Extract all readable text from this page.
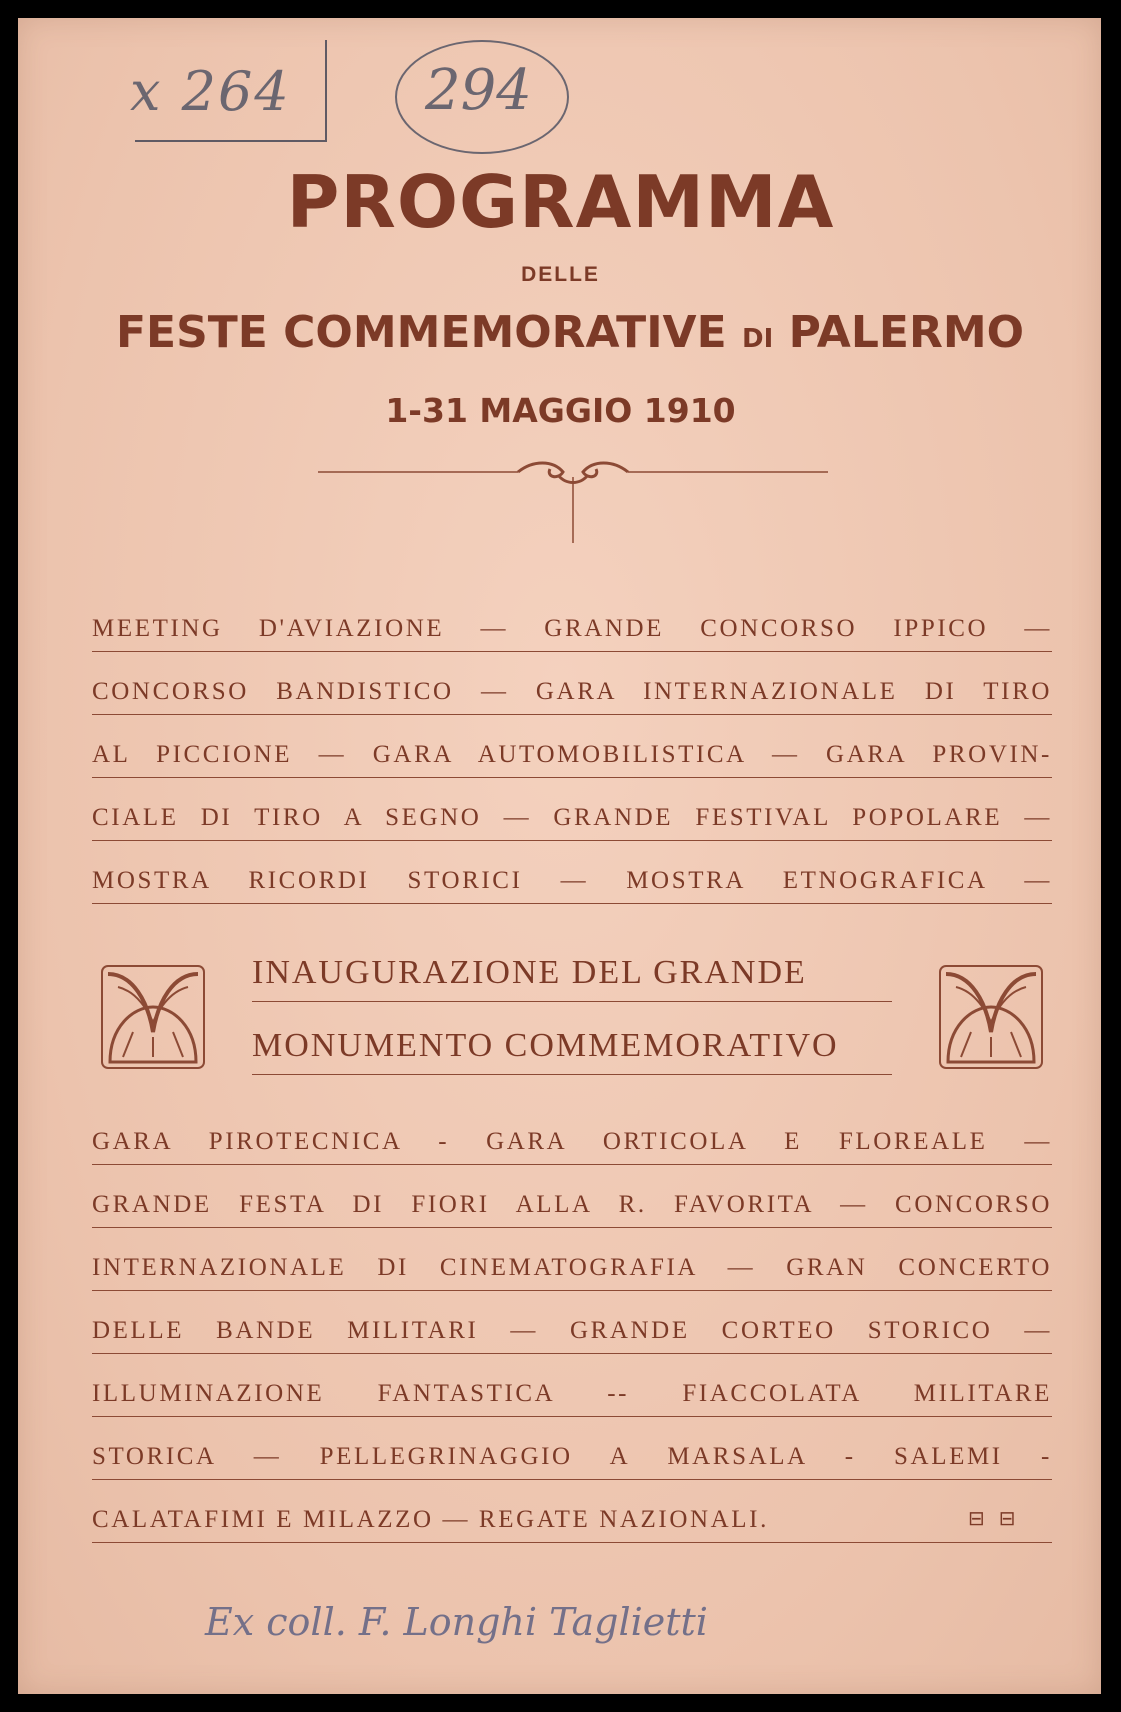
x 264 294
PROGRAMMA
DELLE
FESTE COMMEMORATIVE DI PALERMO
1-31 MAGGIO 1910
MEETING D'AVIAZIONE — GRANDE CONCORSO IPPICO —
CONCORSO BANDISTICO — GARA INTERNAZIONALE DI TIRO
AL PICCIONE — GARA AUTOMOBILISTICA — GARA PROVIN-
CIALE DI TIRO A SEGNO — GRANDE FESTIVAL POPOLARE —
MOSTRA RICORDI STORICI — MOSTRA ETNOGRAFICA —
INAUGURAZIONE DEL GRANDE
MONUMENTO COMMEMORATIVO
GARA PIROTECNICA - GARA ORTICOLA E FLOREALE —
GRANDE FESTA DI FIORI ALLA R. FAVORITA — CONCORSO
INTERNAZIONALE DI CINEMATOGRAFIA — GRAN CONCERTO
DELLE BANDE MILITARI — GRANDE CORTEO STORICO —
ILLUMINAZIONE FANTASTICA -- FIACCOLATA MILITARE
STORICA — PELLEGRINAGGIO A MARSALA - SALEMI -
CALATAFIMI E MILAZZO — REGATE NAZIONALI.	⊟⊟
Ex coll. F. Longhi Taglietti
